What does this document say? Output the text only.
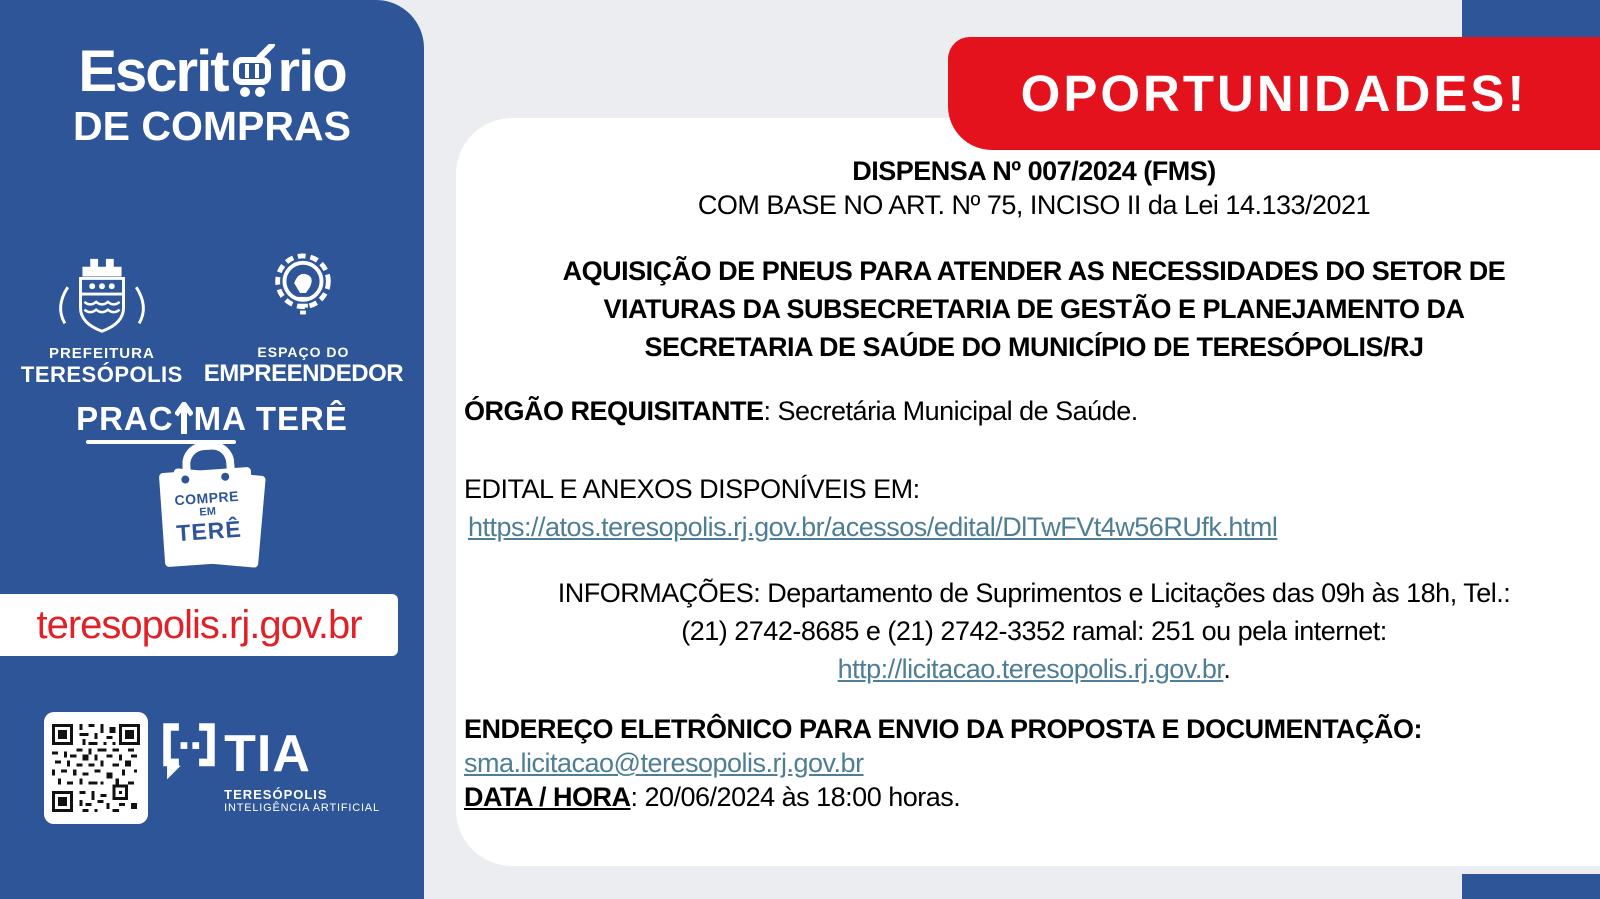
Escrit rio
DE COMPRAS
PREFEITURA
TERESÓPOLIS
ESPAÇO DO
EMPREENDEDOR
PRAC MA TERÊ
COMPRE
EM
TERÊ
teresopolis.rj.gov.br
TIA
TERESÓPOLIS
INTELIGÊNCIA ARTIFICIAL
DISPENSA Nº 007/2024 (FMS)
COM BASE NO ART. Nº 75, INCISO II da Lei 14.133/2021
AQUISIÇÃO DE PNEUS PARA ATENDER AS NECESSIDADES DO SETOR DE
VIATURAS DA SUBSECRETARIA DE GESTÃO E PLANEJAMENTO DA
SECRETARIA DE SAÚDE DO MUNICÍPIO DE TERESÓPOLIS/RJ
ÓRGÃO REQUISITANTE: Secretária Municipal de Saúde.
EDITAL E ANEXOS DISPONÍVEIS EM:
https://atos.teresopolis.rj.gov.br/acessos/edital/DlTwFVt4w56RUfk.html
INFORMAÇÕES: Departamento de Suprimentos e Licitações das 09h às 18h, Tel.:
(21) 2742-8685 e (21) 2742-3352 ramal: 251 ou pela internet:
http://licitacao.teresopolis.rj.gov.br.
ENDEREÇO ELETRÔNICO PARA ENVIO DA PROPOSTA E DOCUMENTAÇÃO:
sma.licitacao@teresopolis.rj.gov.br
DATA / HORA: 20/06/2024 às 18:00 horas.
OPORTUNIDADES!
